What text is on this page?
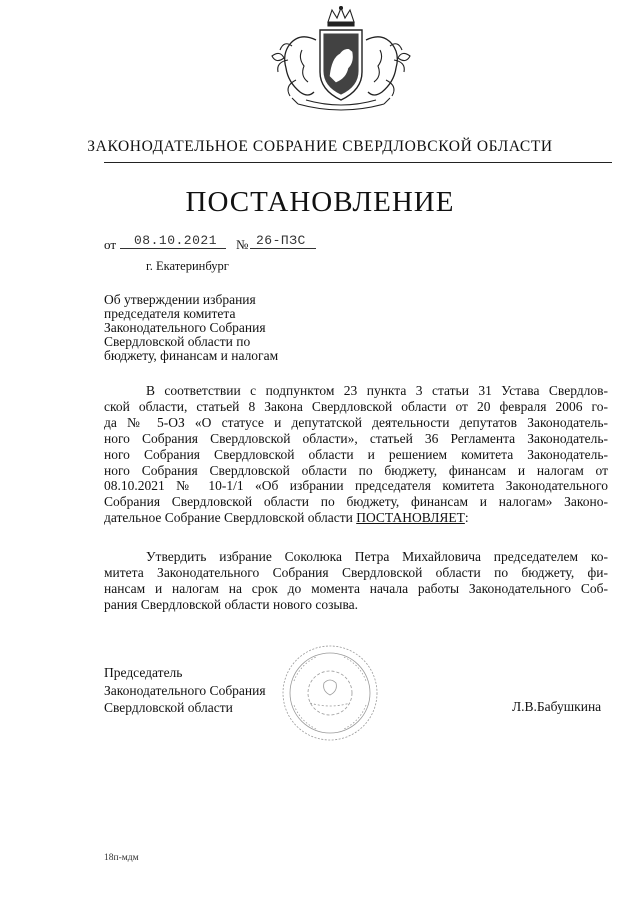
ЗАКОНОДАТЕЛЬНОЕ СОБРАНИЕ СВЕРДЛОВСКОЙ ОБЛАСТИ
ПОСТАНОВЛЕНИЕ
от 08.10.2021 № 26-ПЗС
г. Екатеринбург
Об утверждении избрания
председателя комитета
Законодательного Собрания
Свердловской области по
бюджету, финансам и налогам
В соответствии с подпунктом 23 пункта 3 статьи 31 Устава Свердлов-
ской области, статьей 8 Закона Свердловской области от 20 февраля 2006 го-
да № 5-ОЗ «О статусе и депутатской деятельности депутатов Законодатель-
ного Собрания Свердловской области», статьей 36 Регламента Законодатель-
ного Собрания Свердловской области и решением комитета Законодатель-
ного Собрания Свердловской области по бюджету, финансам и налогам от
08.10.2021 № 10-1/1 «Об избрании председателя комитета Законодательного
Собрания Свердловской области по бюджету, финансам и налогам» Законо-
дательное Собрание Свердловской области ПОСТАНОВЛЯЕТ:
Утвердить избрание Соколюка Петра Михайловича председателем ко-
митета Законодательного Собрания Свердловской области по бюджету, фи-
нансам и налогам на срок до момента начала работы Законодательного Соб-
рания Свердловской области нового созыва.
Председатель
Законодательного Собрания
Свердловской области	Л.В.Бабушкина
18п-мдм
